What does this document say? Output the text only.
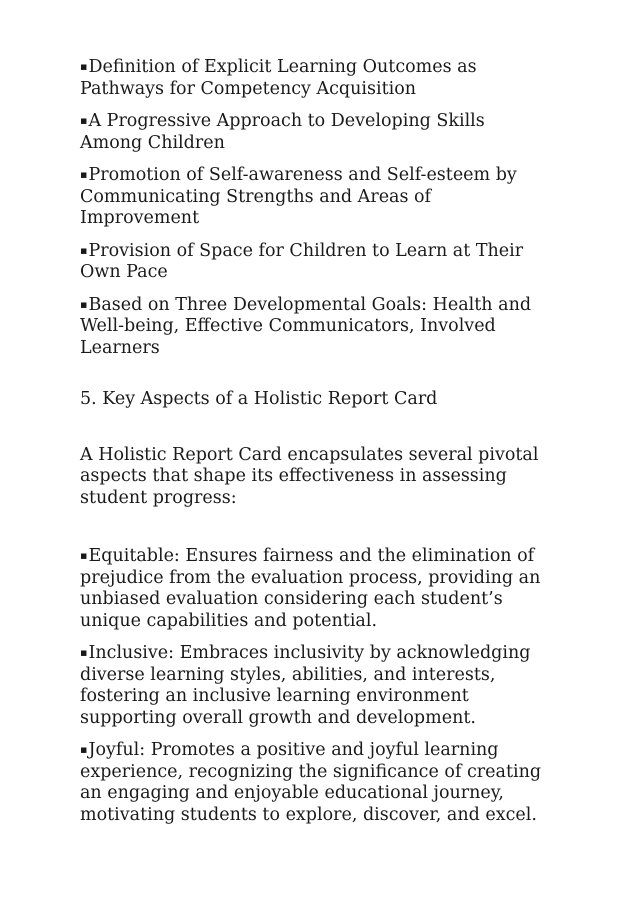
▪Definition of Explicit Learning Outcomes as Pathways for Competency Acquisition
▪A Progressive Approach to Developing Skills Among Children
▪Promotion of Self-awareness and Self-esteem by Communicating Strengths and Areas of Improvement
▪Provision of Space for Children to Learn at Their Own Pace
▪Based on Three Developmental Goals: Health and Well-being, Effective Communicators, Involved Learners
5. Key Aspects of a Holistic Report Card
A Holistic Report Card encapsulates several pivotal aspects that shape its effectiveness in assessing student progress:
▪Equitable: Ensures fairness and the elimination of prejudice from the evaluation process, providing an unbiased evaluation considering each student’s unique capabilities and potential.
▪Inclusive: Embraces inclusivity by acknowledging diverse learning styles, abilities, and interests, fostering an inclusive learning environment supporting overall growth and development.
▪Joyful: Promotes a positive and joyful learning experience, recognizing the significance of creating an engaging and enjoyable educational journey, motivating students to explore, discover, and excel.
